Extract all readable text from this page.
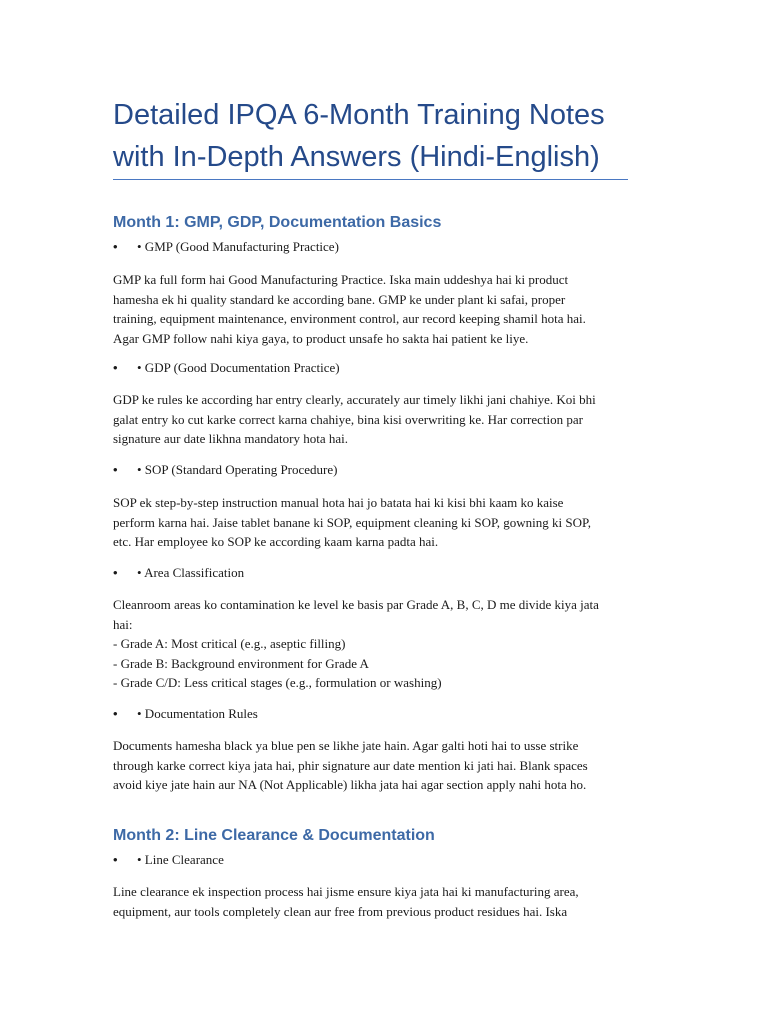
Detailed IPQA 6-Month Training Notes with In-Depth Answers (Hindi-English)
Month 1: GMP, GDP, Documentation Basics
• • GMP (Good Manufacturing Practice)

GMP ka full form hai Good Manufacturing Practice. Iska main uddeshya hai ki product
hamesha ek hi quality standard ke according bane. GMP ke under plant ki safai, proper
training, equipment maintenance, environment control, aur record keeping shamil hota hai.
Agar GMP follow nahi kiya gaya, to product unsafe ho sakta hai patient ke liye.

• • GDP (Good Documentation Practice)

GDP ke rules ke according har entry clearly, accurately aur timely likhi jani chahiye. Koi bhi
galat entry ko cut karke correct karna chahiye, bina kisi overwriting ke. Har correction par
signature aur date likhna mandatory hota hai.

• • SOP (Standard Operating Procedure)

SOP ek step-by-step instruction manual hota hai jo batata hai ki kisi bhi kaam ko kaise
perform karna hai. Jaise tablet banane ki SOP, equipment cleaning ki SOP, gowning ki SOP,
etc. Har employee ko SOP ke according kaam karna padta hai.

• • Area Classification

Cleanroom areas ko contamination ke level ke basis par Grade A, B, C, D me divide kiya jata
hai:
- Grade A: Most critical (e.g., aseptic filling)
- Grade B: Background environment for Grade A
- Grade C/D: Less critical stages (e.g., formulation or washing)

• • Documentation Rules

Documents hamesha black ya blue pen se likhe jate hain. Agar galti hoti hai to usse strike
through karke correct kiya jata hai, phir signature aur date mention ki jati hai. Blank spaces
avoid kiye jate hain aur NA (Not Applicable) likha jata hai agar section apply nahi hota ho.

Month 2: Line Clearance & Documentation
• • Line Clearance

Line clearance ek inspection process hai jisme ensure kiya jata hai ki manufacturing area,
equipment, aur tools completely clean aur free from previous product residues hai. Iska
